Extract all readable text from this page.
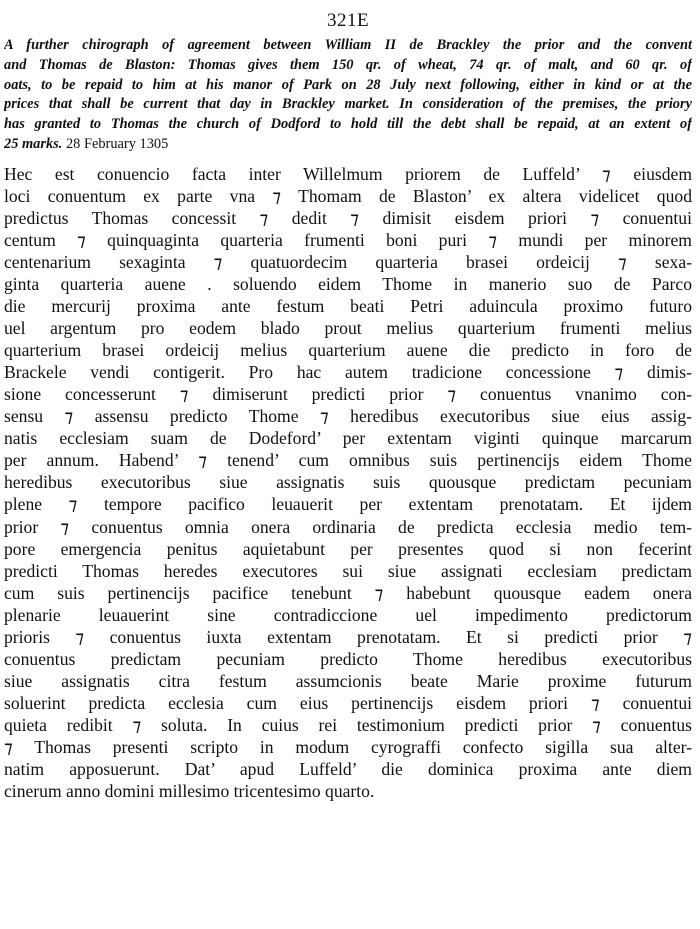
321E
A further chirograph of agreement between William II de Brackley the prior and the convent
and Thomas de Blaston: Thomas gives them 150 qr. of wheat, 74 qr. of malt, and 60 qr. of
oats, to be repaid to him at his manor of Park on 28 July next following, either in kind or at the
prices that shall be current that day in Brackley market. In consideration of the premises, the priory
has granted to Thomas the church of Dodford to hold till the debt shall be repaid, at an extent of
25 marks. 28 February 1305
Hec est conuencio facta inter Willelmum priorem de Luffeld’ ⁊ eiusdem
loci conuentum ex parte vna ⁊ Thomam de Blaston’ ex altera videlicet quod
predictus Thomas concessit ⁊ dedit ⁊ dimisit eisdem priori ⁊ conuentui
centum ⁊ quinquaginta quarteria frumenti boni puri ⁊ mundi per minorem
centenarium sexaginta ⁊ quatuordecim quarteria brasei ordeicij ⁊ sexa-
ginta quarteria auene . soluendo eidem Thome in manerio suo de Parco
die mercurij proxima ante festum beati Petri aduincula proximo futuro
uel argentum pro eodem blado prout melius quarterium frumenti melius
quarterium brasei ordeicij melius quarterium auene die predicto in foro de
Brackele vendi contigerit. Pro hac autem tradicione concessione ⁊ dimis-
sione concesserunt ⁊ dimiserunt predicti prior ⁊ conuentus vnanimo con-
sensu ⁊ assensu predicto Thome ⁊ heredibus executoribus siue eius assig-
natis ecclesiam suam de Dodeford’ per extentam viginti quinque marcarum
per annum. Habend’ ⁊ tenend’ cum omnibus suis pertinencijs eidem Thome
heredibus executoribus siue assignatis suis quousque predictam pecuniam
plene ⁊ tempore pacifico leuauerit per extentam prenotatam. Et ijdem
prior ⁊ conuentus omnia onera ordinaria de predicta ecclesia medio tem-
pore emergencia penitus aquietabunt per presentes quod si non fecerint
predicti Thomas heredes executores sui siue assignati ecclesiam predictam
cum suis pertinencijs pacifice tenebunt ⁊ habebunt quousque eadem onera
plenarie leuauerint sine contradiccione uel impedimento predictorum
prioris ⁊ conuentus iuxta extentam prenotatam. Et si predicti prior ⁊
conuentus predictam pecuniam predicto Thome heredibus executoribus
siue assignatis citra festum assumcionis beate Marie proxime futurum
soluerint predicta ecclesia cum eius pertinencijs eisdem priori ⁊ conuentui
quieta redibit ⁊ soluta. In cuius rei testimonium predicti prior ⁊ conuentus
⁊ Thomas presenti scripto in modum cyrograffi confecto sigilla sua alter-
natim apposuerunt. Dat’ apud Luffeld’ die dominica proxima ante diem
cinerum anno domini millesimo tricentesimo quarto.
